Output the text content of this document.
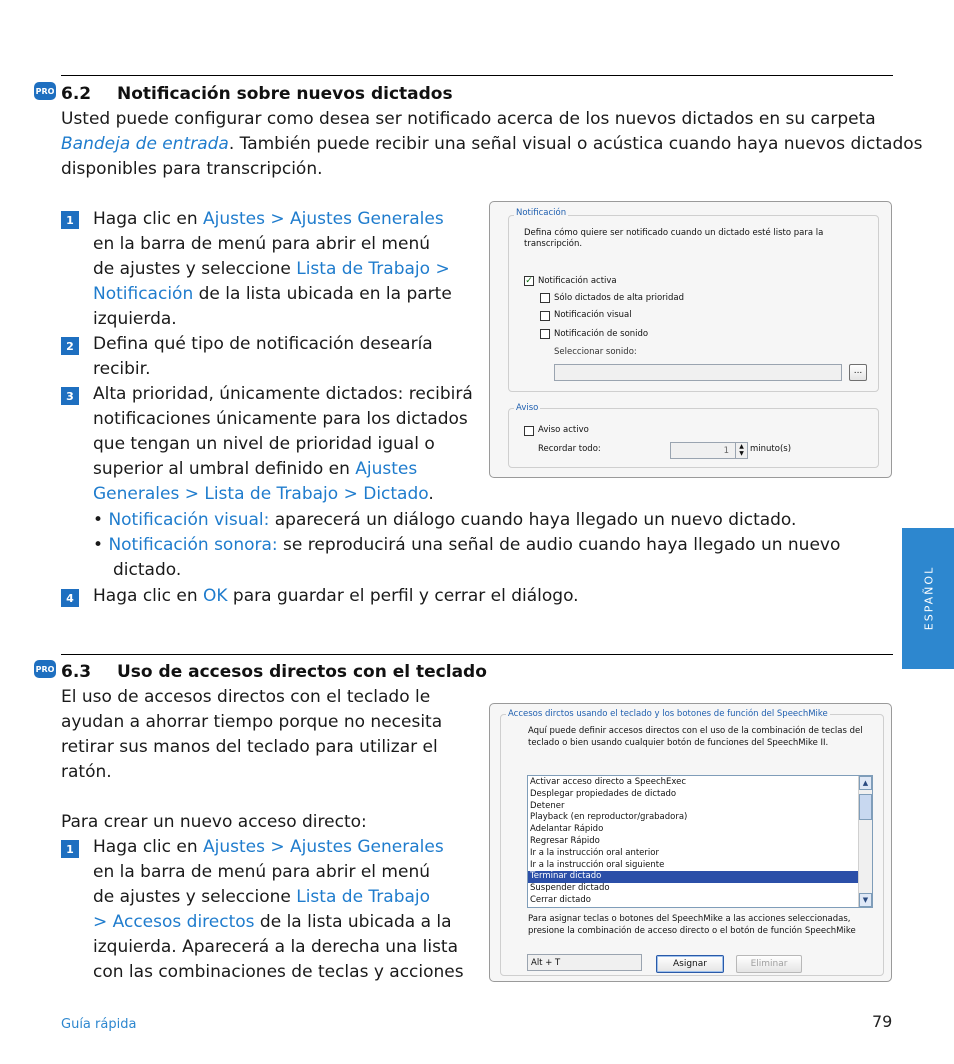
PRO 6.2 Notificación sobre nuevos dictados
Usted puede configurar como desea ser notificado acerca de los nuevos dictados en su carpeta
Bandeja de entrada. También puede recibir una señal visual o acústica cuando haya nuevos dictados
disponibles para transcripción.
1	Haga clic en Ajustes > Ajustes Generales
en la barra de menú para abrir el menú
de ajustes y seleccione Lista de Trabajo >
Notificación de la lista ubicada en la parte
izquierda.
2	Defina qué tipo de notificación desearía
recibir.
3	Alta prioridad, únicamente dictados: recibirá
notificaciones únicamente para los dictados
que tengan un nivel de prioridad igual o
superior al umbral definido en Ajustes
Generales > Lista de Trabajo > Dictado.
• Notificación visual: aparecerá un diálogo cuando haya llegado un nuevo dictado.
• Notificación sonora: se reproducirá una señal de audio cuando haya llegado un nuevo
dictado.
4	Haga clic en OK para guardar el perfil y cerrar el diálogo.
Notificación
Defina cómo quiere ser notificado cuando un dictado esté listo para la
transcripción.
✓ Notificación activa
Sólo dictados de alta prioridad
Notificación visual
Notificación de sonido
Seleccionar sonido:
...
Aviso
Aviso activo
Recordar todo:	1	▲
▼ minuto(s)
PRO 6.3 Uso de accesos directos con el teclado
El uso de accesos directos con el teclado le
ayudan a ahorrar tiempo porque no necesita
retirar sus manos del teclado para utilizar el
ratón.
Para crear un nuevo acceso directo:
1	Haga clic en Ajustes > Ajustes Generales
en la barra de menú para abrir el menú
de ajustes y seleccione Lista de Trabajo
> Accesos directos de la lista ubicada a la
izquierda. Aparecerá a la derecha una lista
con las combinaciones de teclas y acciones
Accesos dirctos usando el teclado y los botones de función del SpeechMike
Aquí puede definir accesos directos con el uso de la combinación de teclas del
teclado o bien usando cualquier botón de funciones del SpeechMike II.
Activar acceso directo a SpeechExec
Desplegar propiedades de dictado
Detener
Playback (en reproductor/grabadora)
Adelantar Rápido
Regresar Rápido
Ir a la instrucción oral anterior
Ir a la instrucción oral siguiente
Terminar dictado
Suspender dictado
Cerrar dictado
▲
▼
Para asignar teclas o botones del SpeechMike a las acciones seleccionadas,
presione la combinación de acceso directo o el botón de función SpeechMike
Alt + T	Asignar	Eliminar
ESPAÑOL
Guía rápida	79
